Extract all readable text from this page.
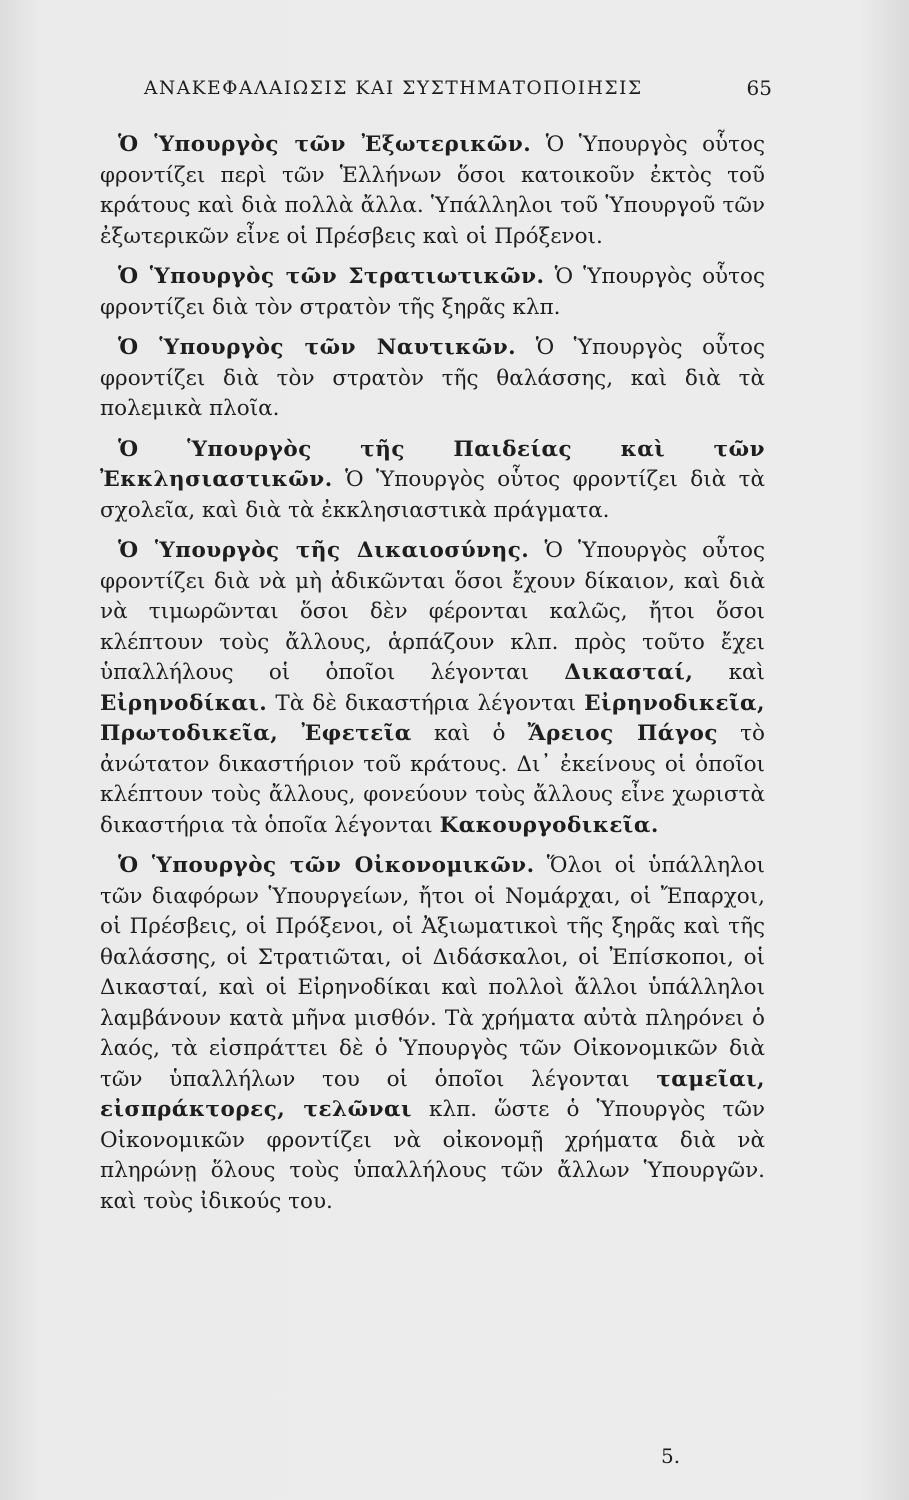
ΑΝΑΚΕΦΑΛΑΙΩΣΙΣ ΚΑΙ ΣΥΣΤΗΜΑΤΟΠΟΙΗΣΙΣ	65

Ὁ Ὑπουργὸς τῶν Ἐξωτερικῶν. Ὁ Ὑπουργὸς οὗτος φροντίζει περὶ τῶν Ἑλλήνων ὅσοι κατοικοῦν ἐκτὸς τοῦ κράτους καὶ διὰ πολλὰ ἄλλα. Ὑπάλληλοι τοῦ Ὑπουργοῦ τῶν ἐξωτερικῶν εἶνε οἱ Πρέσβεις καὶ οἱ Πρόξενοι.

Ὁ Ὑπουργὸς τῶν Στρατιωτικῶν. Ὁ Ὑπουργὸς οὗτος φροντίζει διὰ τὸν στρατὸν τῆς ξηρᾶς κλπ.

Ὁ Ὑπουργὸς τῶν Ναυτικῶν. Ὁ Ὑπουργὸς οὗτος φροντίζει διὰ τὸν στρατὸν τῆς θαλάσσης, καὶ διὰ τὰ πολεμικὰ πλοῖα.

Ὁ Ὑπουργὸς τῆς Παιδείας καὶ τῶν Ἐκκλησιαστικῶν. Ὁ Ὑπουργὸς οὗτος φροντίζει διὰ τὰ σχολεῖα, καὶ διὰ τὰ ἐκκλησιαστικὰ πράγματα.

Ὁ Ὑπουργὸς τῆς Δικαιοσύνης. Ὁ Ὑπουργὸς οὗτος φροντίζει διὰ νὰ μὴ ἀδικῶνται ὅσοι ἔχουν δίκαιον, καὶ διὰ νὰ τιμωρῶνται ὅσοι δὲν φέρονται καλῶς, ἤτοι ὅσοι κλέπτουν τοὺς ἄλλους, ἁρπάζουν κλπ. πρὸς τοῦτο ἔχει ὑπαλλήλους οἱ ὁποῖοι λέγονται Δικασταί, καὶ Εἰρηνοδίκαι. Τὰ δὲ δικαστήρια λέγονται Εἰρηνοδικεῖα, Πρωτοδικεῖα, Ἐφετεῖα καὶ ὁ Ἄρειος Πάγος τὸ ἀνώτατον δικαστήριον τοῦ κράτους. Δι᾿ ἐκείνους οἱ ὁποῖοι κλέπτουν τοὺς ἄλλους, φονεύουν τοὺς ἄλλους εἶνε χωριστὰ δικαστήρια τὰ ὁποῖα λέγονται Κακουργοδικεῖα.

Ὁ Ὑπουργὸς τῶν Οἰκονομικῶν. Ὅλοι οἱ ὑπάλληλοι τῶν διαφόρων Ὑπουργείων, ἤτοι οἱ Νομάρχαι, οἱ Ἔπαρχοι, οἱ Πρέσβεις, οἱ Πρόξενοι, οἱ Ἀξιωματικοὶ τῆς ξηρᾶς καὶ τῆς θαλάσσης, οἱ Στρατιῶται, οἱ Διδάσκαλοι, οἱ Ἐπίσκοποι, οἱ Δικασταί, καὶ οἱ Εἰρηνοδίκαι καὶ πολλοὶ ἄλλοι ὑπάλληλοι λαμβάνουν κατὰ μῆνα μισθόν. Τὰ χρήματα αὐτὰ πληρόνει ὁ λαός, τὰ εἰσπράττει δὲ ὁ Ὑπουργὸς τῶν Οἰκονομικῶν διὰ τῶν ὑπαλλήλων του οἱ ὁποῖοι λέγονται ταμεῖαι, εἰσπράκτορες, τελῶναι κλπ. ὥστε ὁ Ὑπουργὸς τῶν Οἰκονομικῶν φροντίζει νὰ οἰκονομῇ χρήματα διὰ νὰ πληρώνῃ ὅλους τοὺς ὑπαλλήλους τῶν ἄλλων Ὑπουργῶν. καὶ τοὺς ἰδικούς του.

5.
